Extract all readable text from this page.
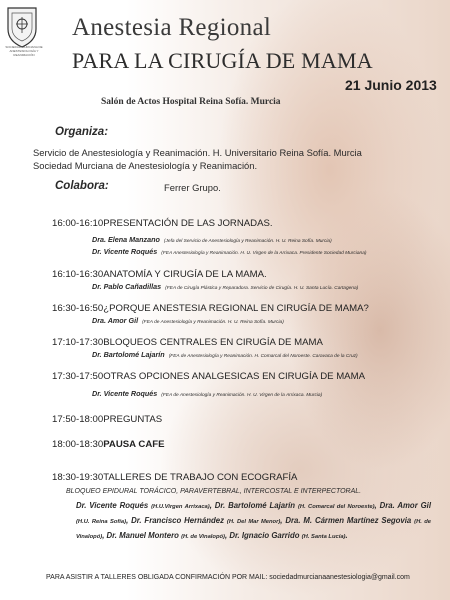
SOCIEDAD MURCIANA DE ANESTESIOLOGÍA Y REANIMACIÓN
Anestesia Regional
PARA LA CIRUGÍA DE MAMA
21 Junio 2013
Salón de Actos Hospital Reina Sofía. Murcia
Organiza:
Servicio de Anestesiología y Reanimación. H. Universitario Reina Sofía. Murcia
Sociedad Murciana de Anestesiología y Reanimación.
Colabora:	Ferrer Grupo.
16:00-16:10PRESENTACIÓN DE LAS JORNADAS.
Dra. Elena Manzano (Jefa del Servicio de Anestesiología y Reanimación. H. U. Reina Sofía. Murcia)
Dr. Vicente Roqués (FEA Anestesiología y Reanimación. H. U. Virgen de la Arrixaca. Presidente Sociedad Murciana)
16:10-16:30ANATOMÍA Y CIRUGÍA DE LA MAMA.
Dr. Pablo Cañadillas (FEA de Cirugía Plástica y Reparadora. Servicio de Cirugía. H. U. Santa Lucía. Cartagena)
16:30-16:50¿PORQUE ANESTESIA REGIONAL EN CIRUGÍA DE MAMA?
Dra. Amor Gil (FEA de Anestesiología y Reanimación. H. U. Reina Sofía. Murcia)
17:10-17:30BLOQUEOS CENTRALES EN CIRUGÍA DE MAMA
Dr. Bartolomé Lajarín (FEA de Anestesiología y Reanimación. H. Comarcal del Noroeste. Caravaca de la Cruz)
17:30-17:50OTRAS OPCIONES ANALGESICAS EN CIRUGÍA DE MAMA
Dr. Vicente Roqués (FEA de Anestesiología y Reanimación. H. U. Virgen de la Arrixaca. Murcia)
17:50-18:00PREGUNTAS
18:00-18:30PAUSA CAFE
18:30-19:30TALLERES DE TRABAJO CON ECOGRAFÍA
BLOQUEO EPIDURAL TORÁCICO, PARAVERTEBRAL, INTERCOSTAL E INTERPECTORAL.
Dr. Vicente Roqués (H.U.Virgen Arrixaca), Dr. Bartolomé Lajarín (H. Comarcal del Noroeste), Dra. Amor Gil (H.U. Reina Sofía), Dr. Francisco Hernández (H. Del Mar Menor), Dra. M. Cármen Martínez Segovia (H. de Vinalopó), Dr. Manuel Montero (H. de Vinalopó), Dr. Ignacio Garrido (H. Santa Lucía).
PARA ASISTIR A TALLERES OBLIGADA CONFIRMACIÓN POR MAIL: sociedadmurcianaanestesiologia@gmail.com
